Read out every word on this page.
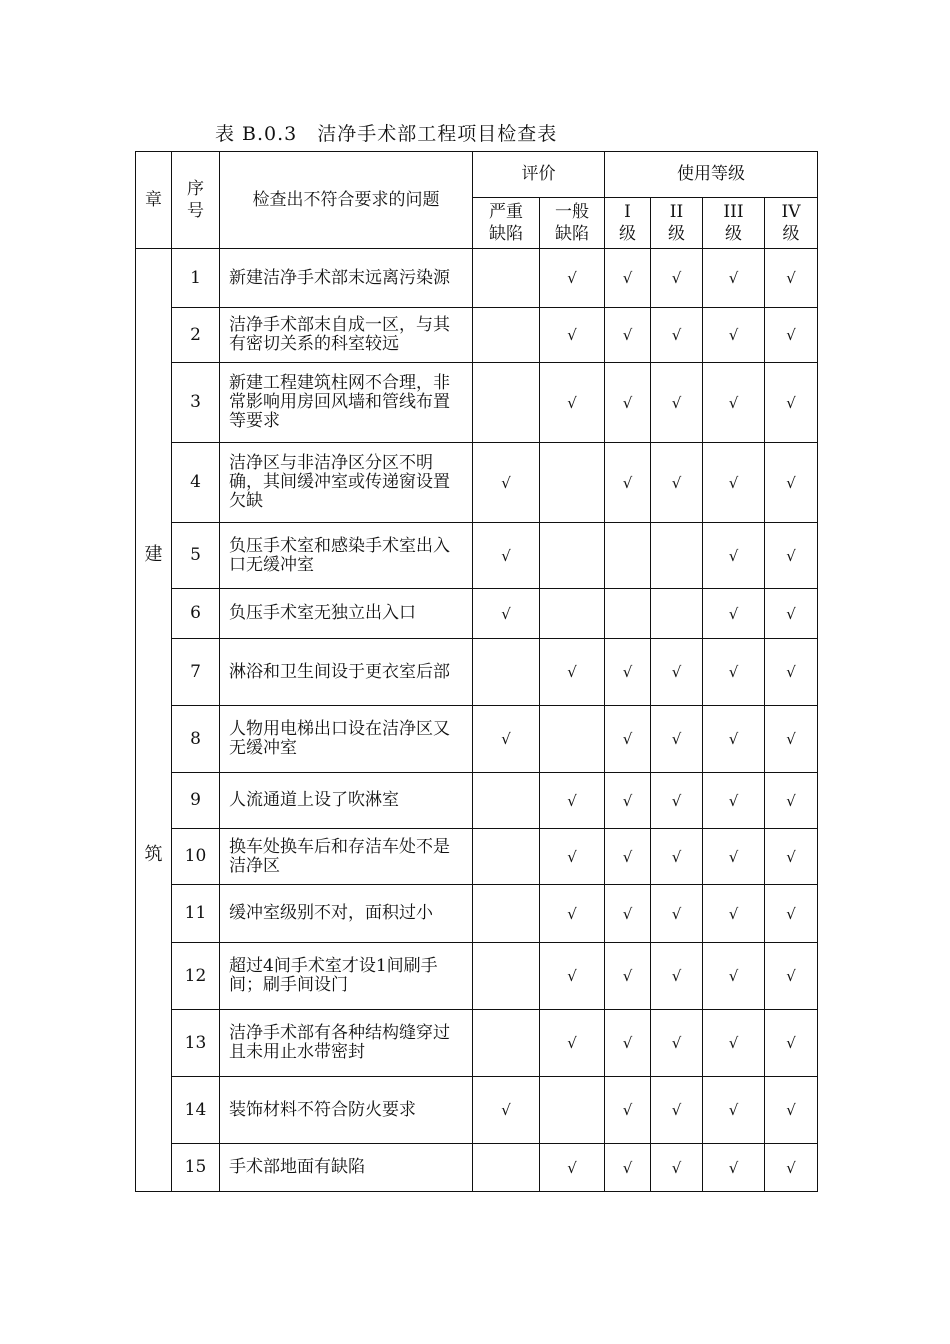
表 B.0.3　洁净手术部工程项目检查表
章	序号	检查出不符合要求的问题	评价		使用等级			

			严重缺陷	一般缺陷	I级	II级	III级	IV级

建
筑	1	新建洁净手术部末远离污染源		√	√	√	√	√
	2	洁净手术部末自成一区，与其有密切关系的科室较远		√	√	√	√	√
	3	新建工程建筑柱网不合理，非常影响用房回风墙和管线布置等要求		√	√	√	√	√
	4	洁净区与非洁净区分区不明确，其间缓冲室或传递窗设置欠缺	√		√	√	√	√
	5	负压手术室和感染手术室出入口无缓冲室	√				√	√
	6	负压手术室无独立出入口	√				√	√
	7	淋浴和卫生间设于更衣室后部		√	√	√	√	√
	8	人物用电梯出口设在洁净区又无缓冲室	√		√	√	√	√
	9	人流通道上设了吹淋室		√	√	√	√	√
	10	换车处换车后和存洁车处不是洁净区		√	√	√	√	√
	11	缓冲室级别不对，面积过小		√	√	√	√	√
	12	超过4间手术室才设1间刷手间；刷手间设门		√	√	√	√	√
	13	洁净手术部有各种结构缝穿过且未用止水带密封		√	√	√	√	√
	14	装饰材料不符合防火要求	√		√	√	√	√
	15	手术部地面有缺陷		√	√	√	√	√
